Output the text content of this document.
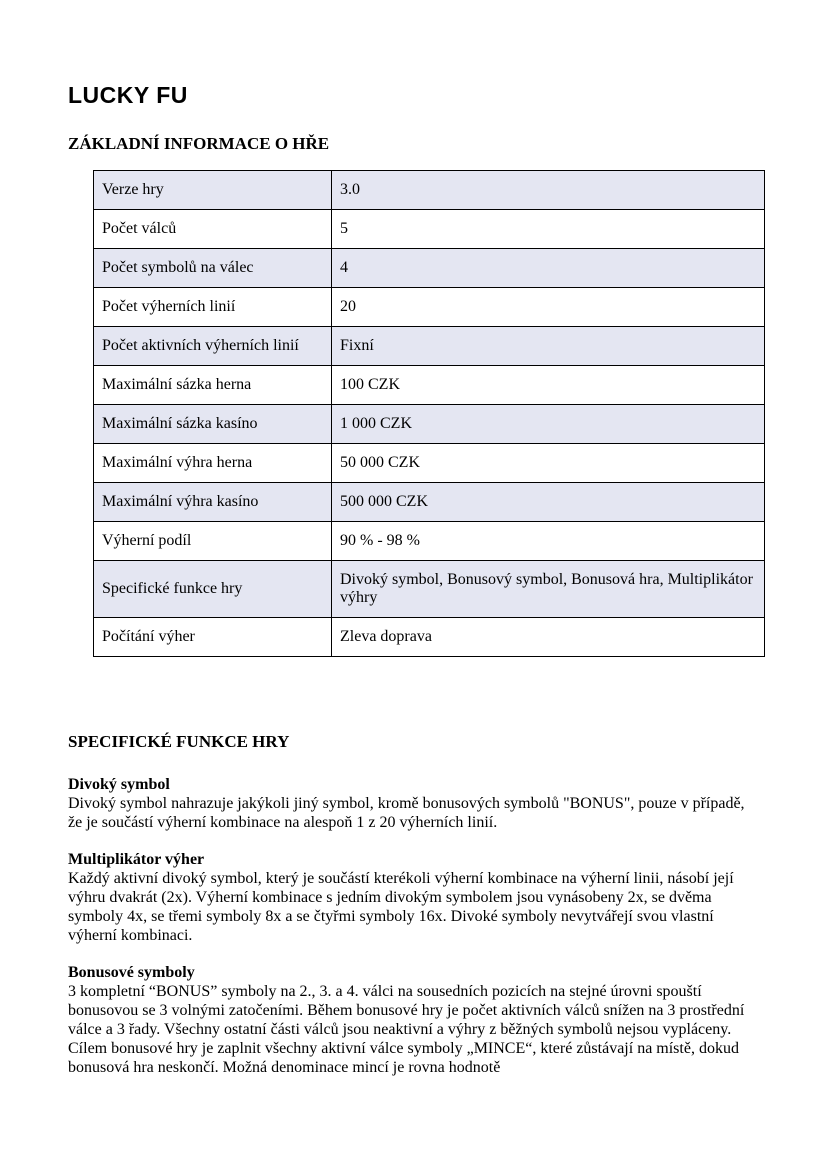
LUCKY FU
ZÁKLADNÍ INFORMACE O HŘE
Verze hry	3.0
Počet válců	5
Počet symbolů na válec	4
Počet výherních linií	20
Počet aktivních výherních linií	Fixní
Maximální sázka herna	100 CZK
Maximální sázka kasíno	1 000 CZK
Maximální výhra herna	50 000 CZK
Maximální výhra kasíno	500 000 CZK
Výherní podíl	90 % - 98 %
Specifické funkce hry	Divoký symbol, Bonusový symbol, Bonusová hra, Multiplikátor výhry
Počítání výher	Zleva doprava
SPECIFICKÉ FUNKCE HRY

Divoký symbol

Divoký symbol nahrazuje jakýkoli jiný symbol, kromě bonusových symbolů "BONUS", pouze v případě, že je součástí výherní kombinace na alespoň 1 z 20 výherních linií.

Multiplikátor výher

Každý aktivní divoký symbol, který je součástí kterékoli výherní kombinace na výherní linii, násobí její výhru dvakrát (2x). Výherní kombinace s jedním divokým symbolem jsou vynásobeny 2x, se dvěma symboly 4x, se třemi symboly 8x a se čtyřmi symboly 16x. Divoké symboly nevytvářejí svou vlastní výherní kombinaci.

Bonusové symboly

3 kompletní “BONUS” symboly na 2., 3. a 4. válci na sousedních pozicích na stejné úrovni spouští bonusovou se 3 volnými zatočeními. Během bonusové hry je počet aktivních válců snížen na 3 prostřední válce a 3 řady. Všechny ostatní části válců jsou neaktivní a výhry z běžných symbolů nejsou vypláceny. Cílem bonusové hry je zaplnit všechny aktivní válce symboly „MINCE“, které zůstávají na místě, dokud bonusová hra neskončí. Možná denominace mincí je rovna hodnotě
